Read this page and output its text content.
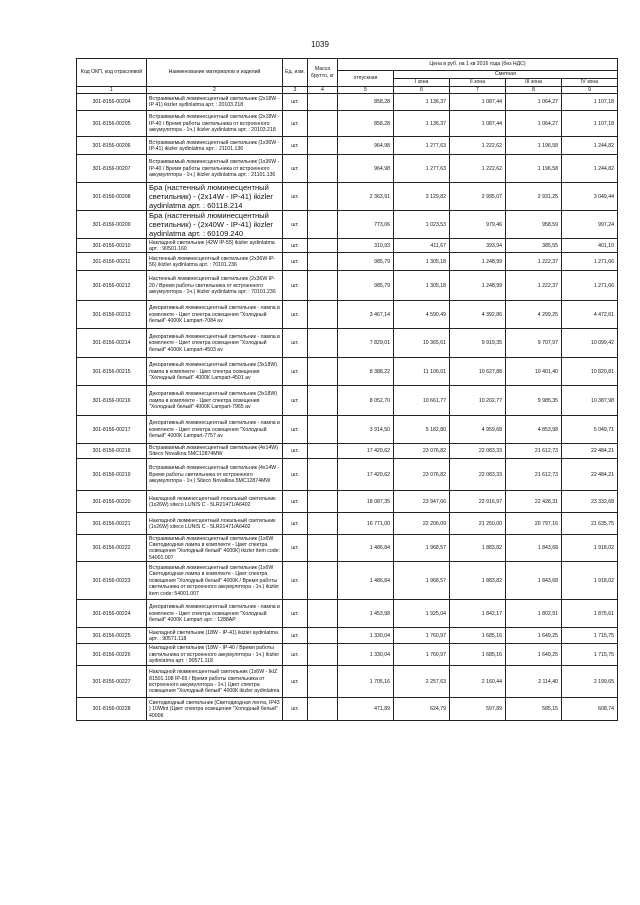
1039
Код ОКП, код отраслевой	Наименование материалов и изделий	Ед. изм.	Масса брутто, кг	Цена в руб. на 1 кв 2016 года (без НДС)				
				отпускная	Сметная			
					I зона	II зона	III зона	IV зона
1	2	3	4	5	6	7	8	9
301-8156-00204	Встраиваемый люминесцентный светильник (2х18W - IP 41) ikizler aydinlatma арт. : 20103.218	шт.		858,28	1 136,37	1 087,44	1 064,27	1 107,18
301-8156-00205	Встраиваемый люминесцентный светильник (2х18W - IP-40 / Время работы светильника от встроенного аккумулятора - 1ч.) ikizler aydinlatma арт. : 20103.218	шт.		858,28	1 136,37	1 087,44	1 064,27	1 107,18
301-8156-00206	Встраиваемый люминесцентный светильник (1х36W - IP-41) ikizler aydinlatma арт. : 21101.136	шт.		964,98	1 277,63	1 222,62	1 196,58	1 244,82
301-8156-00207	Встраиваемый люминесцентный светильник (1х36W - IP-40 / Время работы светильника от встроенного аккумулятора - 1ч.) ikizler aydinlatma арт. : 21101.136	шт.		964,98	1 277,63	1 222,62	1 196,58	1 244,82
301-8156-00208	Бра (настенный люминесцентный светильник) - (2х14W - IP-41) ikizler aydinlatma арт. : 60118.214	шт.		2 363,91	3 129,82	2 995,07	2 931,25	3 049,44
301-8156-00209	Бра (настенный люминесцентный светильник) - (2х40W - IP-41) ikizler aydinlatma арт. : 60109.240	шт.		773,06	1 023,53	979,46	958,59	997,24
301-8156-00210	Накладной светильник (42W IP-55) ikizler aydinlatma арт. : 90501.160	шт.		310,93	411,67	393,94	385,55	401,10
301-8156-00211	Настенный люминесцентный светильник (2х36W IP-56) ikizler aydinlatma арт. : 70101.236	шт.		985,79	1 305,18	1 248,99	1 222,37	1 271,66
301-8156-00212	Настенный люминесцентный светильник (2х36W IP-20 / Время работы светильника от встроенного аккумулятора - 1ч.) ikizler aydinlatma арт. : 70101.236	шт.		985,79	1 305,18	1 248,99	1 222,37	1 271,66
301-8156-00213	Декоративный люминесцентный светильник - лампа в комплекте - Цвет спектра освещения "Холодный белый" 4000К Lampart-7084 av	шт.		3 467,14	4 590,49	4 392,86	4 299,25	4 472,61
301-8156-00214	Декоративный люминесцентный светильник - лампа в комплекте - Цвет спектра освещения "Холодный белый" 4000К Lampart-4503 av	шт.		7 829,01	10 365,61	9 919,35	9 707,97	10 099,42
301-8156-00215	Декоративный люминесцентный светильник (3х18W) лампа в комплекте - Цвет спектра освещения "Холодный белый" 4000К Lampart-4501 av	шт.		8 388,22	11 106,01	10 627,88	10 401,40	10 820,81
301-8156-00216	Декоративный люминесцентный светильник (3х18W) лампа в комплекте - Цвет спектра освещения "Холодный белый" 4000К Lampart-7965 av	шт.		8 052,70	10 661,77	10 202,77	9 985,35	10 387,98
301-8156-00217	Декоративный люминесцентный светильник - лампа в комплекте - Цвет спектра освещения "Холодный белый" 4000К Lampart-7757 av	шт.		3 914,50	5 182,80	4 959,68	4 853,98	5 049,71
301-8156-00218	Встраиваемый люминесцентный светильник (4х14W) Siteco Novalkna 5MC12874MW	шт.		17 429,62	23 076,82	22 083,33	21 612,73	22 484,21
301-8156-00219	Встраиваемый люминесцентный светильник (4х14W - Время работы светильника от встроенного аккумулятора - 1ч.) Siteco Novalkna 5MC12874MW	шт.		17 429,62	23 076,82	22 083,33	21 612,73	22 484,21
301-8156-00220	Накладной люминесцентный локальный светильник (1х26W) siteco LUNIS C - 5LR21471/A6402	шт.		18 087,35	23 947,66	22 916,97	22 428,31	23 332,68
301-8156-00221	Накладной люминесцентный локальный светильник (1х26W) siteco LUNIS C - 5LR21471/A6402	шт.		16 771,00	22 206,09	21 250,00	20 797,16	21 635,75
301-8156-00222	Встраиваемый люминесцентный светильник (1х6W Светодиодная лампа в комплекте - Цвет спектра освещения "Холодный белый" 4000К) ikizler item code: 54001.007	шт.		1 486,84	1 968,57	1 883,82	1 843,68	1 918,02
301-8156-00223	Встраиваемый люминесцентный светильник (1х6W Светодиодная лампа в комплекте - Цвет спектра освещения "Холодный белый" 4000К / Время работы светильника от встроенного аккумулятора - 1ч.) ikizler item code: 54001.007	шт.		1 486,84	1 968,57	1 883,82	1 843,68	1 918,02
301-8156-00224	Декоративный люминесцентный светильник - лампа в комплекте - Цвет спектра освещения "Холодный белый" 4000К Lampart арт. : 1288AP	шт.		1 453,98	1 925,04	1 842,17	1 802,91	1 875,61
301-8156-00225	Накладной светильник (18W - IP-41) ikizler aydinlatma арт. : 90571.118	шт.		1 330,04	1 760,97	1 685,16	1 649,25	1 715,75
301-8156-00226	Накладной светильник (18W - IP-40 / Время работы светильника от встроенного аккумулятора - 1ч.) ikizler aydinlatma арт. : 90571.118	шт.		1 330,04	1 760,97	1 685,16	1 649,25	1 715,75
301-8156-00227	Накладной люминесцентный светильник (1х6W - IkIZ 81501.108 IP-65 / Время работы светильника от встроенного аккумулятора - 1ч.) Цвет спектра освещения "Холодный белый" 4000К ikizler aydinlatma	шт.		1 705,16	2 257,63	2 160,44	2 114,40	2 199,65
301-8156-00228	Светодиодный светильник (Светодиодная лента, IP43 ) 10Wlnt (Цвет спектра освещения "Холодный белый" 4000К	шт.		471,89	624,79	597,89	585,15	608,74
